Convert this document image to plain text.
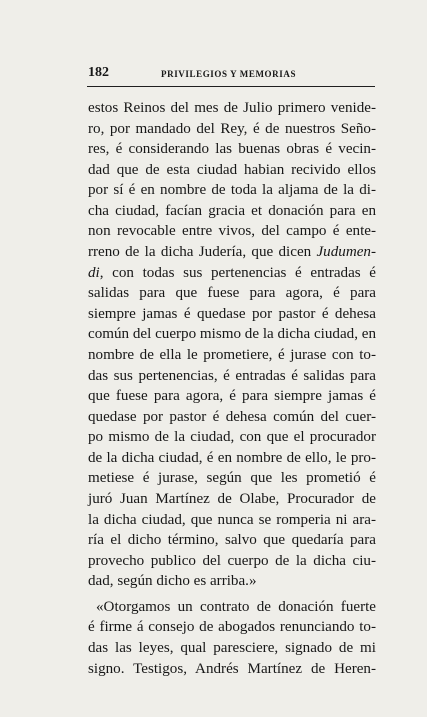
182	PRIVILEGIOS Y MEMORIAS
estos Reinos del mes de Julio primero venide-
ro, por mandado del Rey, é de nuestros Seño-
res, é considerando las buenas obras é vecin-
dad que de esta ciudad habian recivido ellos
por sí é en nombre de toda la aljama de la di-
cha ciudad, facían gracia et donación para en
non revocable entre vivos, del campo é ente-
rreno de la dicha Judería, que dicen Judumen-
di, con todas sus pertenencias é entradas é
salidas para que fuese para agora, é para
siempre jamas é quedase por pastor é dehesa
común del cuerpo mismo de la dicha ciudad, en
nombre de ella le prometiere, é jurase con to-
das sus pertenencias, é entradas é salidas para
que fuese para agora, é para siempre jamas é
quedase por pastor é dehesa común del cuer-
po mismo de la ciudad, con que el procurador
de la dicha ciudad, é en nombre de ello, le pro-
metiese é jurase, según que les prometió é
juró Juan Martínez de Olabe, Procurador de
la dicha ciudad, que nunca se romperia ni ara-
ría el dicho término, salvo que quedaría para
provecho publico del cuerpo de la dicha ciu-
dad, según dicho es arriba.»
«Otorgamos un contrato de donación fuerte
é firme á consejo de abogados renunciando to-
das las leyes, qual paresciere, signado de mi
signo. Testigos, Andrés Martínez de Heren-
